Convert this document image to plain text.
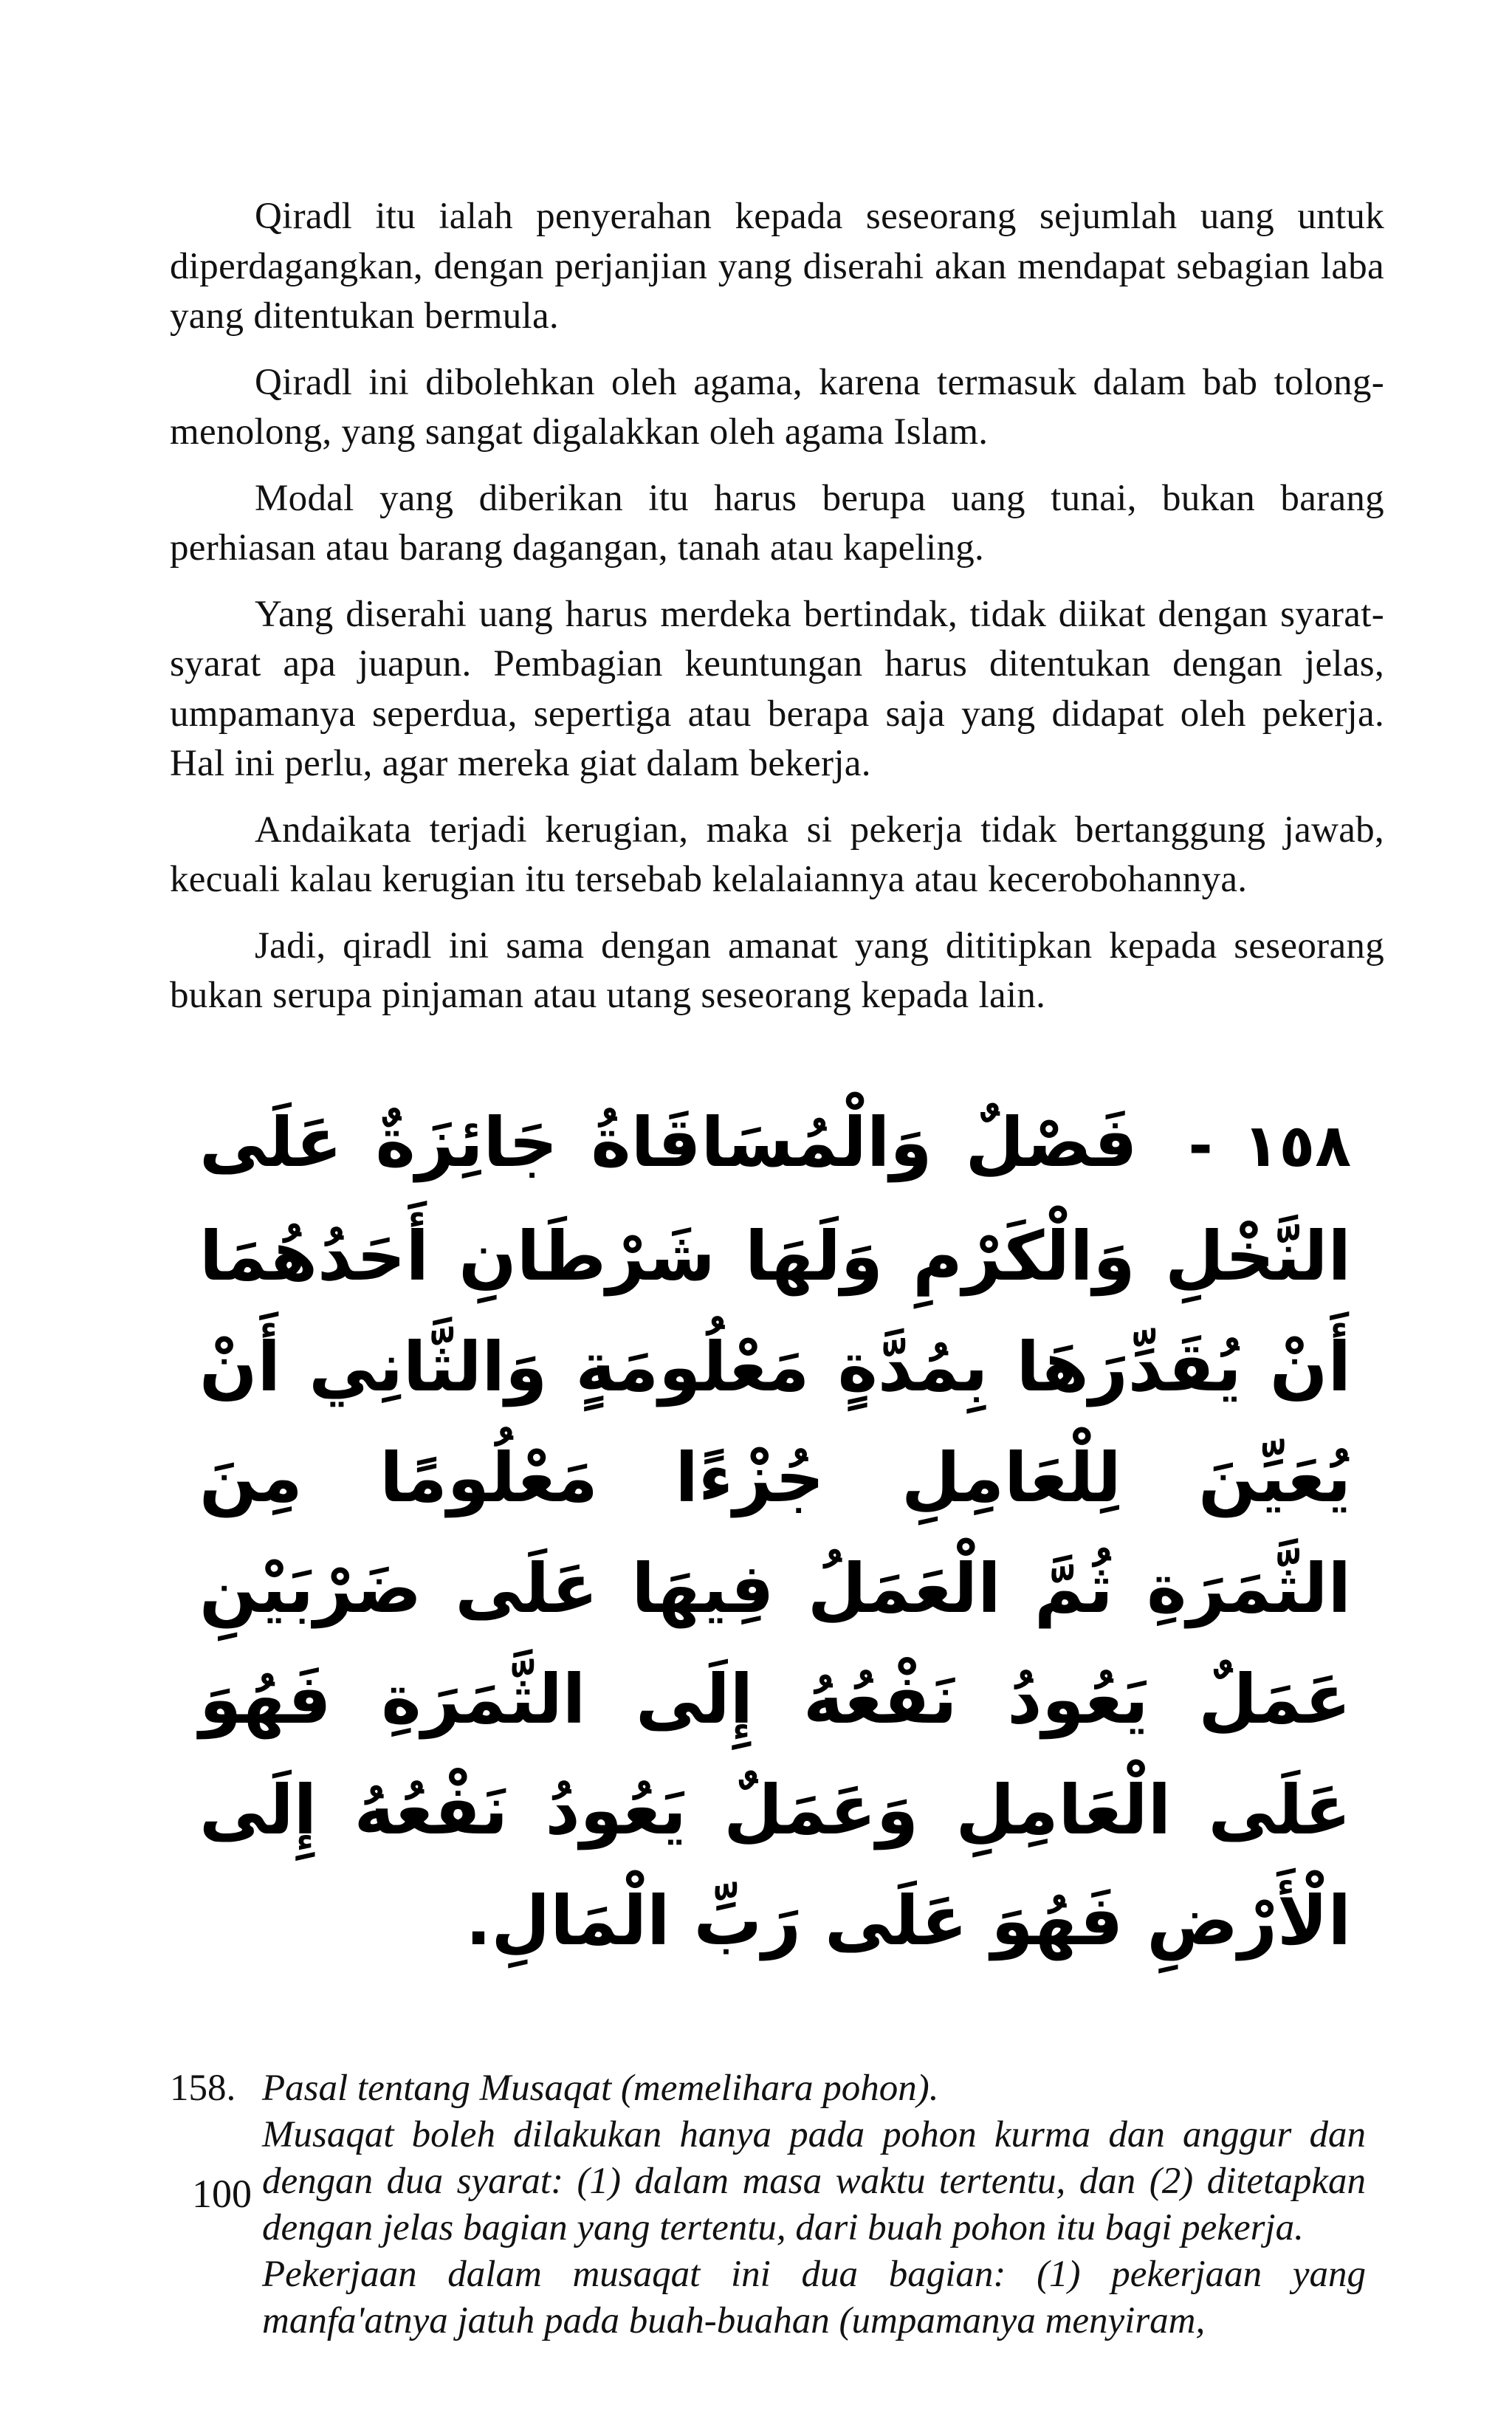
Qiradl itu ialah penyerahan kepada seseorang sejumlah uang untuk diperdagangkan, dengan perjanjian yang diserahi akan mendapat sebagian laba yang ditentukan bermula.

Qiradl ini dibolehkan oleh agama, karena termasuk dalam bab tolong-menolong, yang sangat digalakkan oleh agama Islam.

Modal yang diberikan itu harus berupa uang tunai, bukan barang perhiasan atau barang dagangan, tanah atau kapeling.

Yang diserahi uang harus merdeka bertindak, tidak diikat dengan syarat-syarat apa juapun. Pembagian keuntungan harus ditentukan dengan jelas, umpamanya seperdua, sepertiga atau berapa saja yang didapat oleh pekerja. Hal ini perlu, agar mereka giat dalam bekerja.

Andaikata terjadi kerugian, maka si pekerja tidak bertanggung jawab, kecuali kalau kerugian itu tersebab kelalaiannya atau kecerobohannya.

Jadi, qiradl ini sama dengan amanat yang dititipkan kepada seseorang bukan serupa pinjaman atau utang seseorang kepada lain.

١٥٨ - فَصْلٌ وَالْمُسَاقَاةُ جَائِزَةٌ عَلَى النَّخْلِ وَالْكَرْمِ وَلَهَا شَرْطَانِ أَحَدُهُمَا أَنْ يُقَدِّرَهَا بِمُدَّةٍ مَعْلُومَةٍ وَالثَّانِي أَنْ يُعَيِّنَ لِلْعَامِلِ جُزْءًا مَعْلُومًا مِنَ الثَّمَرَةِ ثُمَّ الْعَمَلُ فِيهَا عَلَى ضَرْبَيْنِ عَمَلٌ يَعُودُ نَفْعُهُ إِلَى الثَّمَرَةِ فَهُوَ عَلَى الْعَامِلِ وَعَمَلٌ يَعُودُ نَفْعُهُ إِلَى الْأَرْضِ فَهُوَ عَلَى رَبِّ الْمَالِ.
158. Pasal tentang Musaqat (memelihara pohon).

Musaqat boleh dilakukan hanya pada pohon kurma dan anggur dan dengan dua syarat: (1) dalam masa waktu tertentu, dan (2) ditetapkan dengan jelas bagian yang tertentu, dari buah pohon itu bagi pekerja.

Pekerjaan dalam musaqat ini dua bagian: (1) pekerjaan yang manfa'atnya jatuh pada buah-buahan (umpamanya menyiram,

100
